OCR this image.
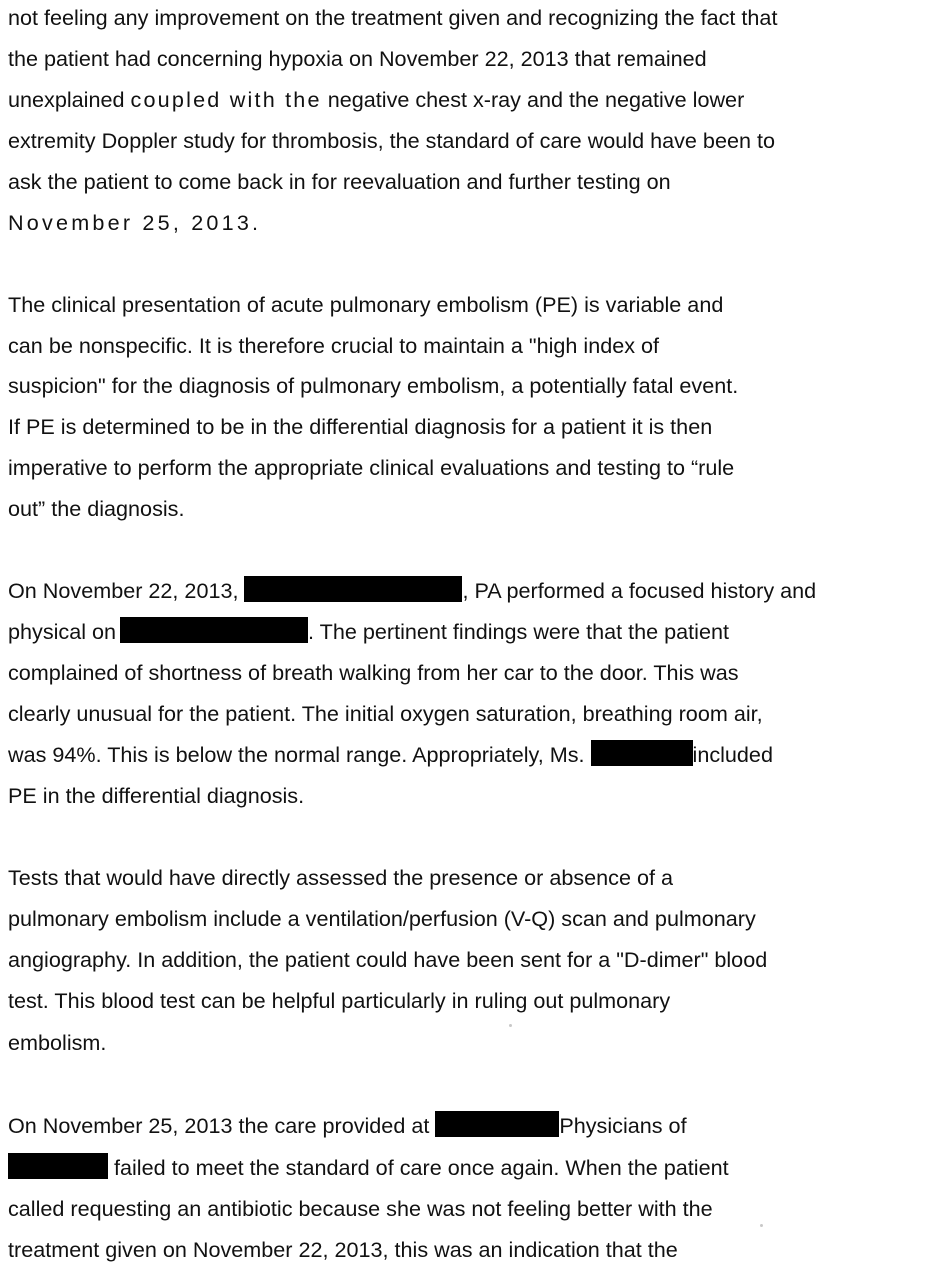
not feeling any improvement on the treatment given and recognizing the fact that
the patient had concerning hypoxia on November 22, 2013 that remained
unexplained coupled with the negative chest x-ray and the negative lower
extremity Doppler study for thrombosis, the standard of care would have been to
ask the patient to come back in for reevaluation and further testing on
November 25, 2013.
The clinical presentation of acute pulmonary embolism (PE) is variable and
can be nonspecific. It is therefore crucial to maintain a "high index of
suspicion" for the diagnosis of pulmonary embolism, a potentially fatal event.
If PE is determined to be in the differential diagnosis for a patient it is then
imperative to perform the appropriate clinical evaluations and testing to “rule
out” the diagnosis.
On November 22, 2013,	, PA performed a focused history and
physical on	. The pertinent findings were that the patient
complained of shortness of breath walking from her car to the door. This was
clearly unusual for the patient. The initial oxygen saturation, breathing room air,
was 94%. This is below the normal range. Appropriately, Ms.	included
PE in the differential diagnosis.
Tests that would have directly assessed the presence or absence of a
pulmonary embolism include a ventilation/perfusion (V-Q) scan and pulmonary
angiography. In addition, the patient could have been sent for a "D-dimer" blood
test. This blood test can be helpful particularly in ruling out pulmonary
embolism.
On November 25, 2013 the care provided at	Physicians of
failed to meet the standard of care once again. When the patient
called requesting an antibiotic because she was not feeling better with the
treatment given on November 22, 2013, this was an indication that the
